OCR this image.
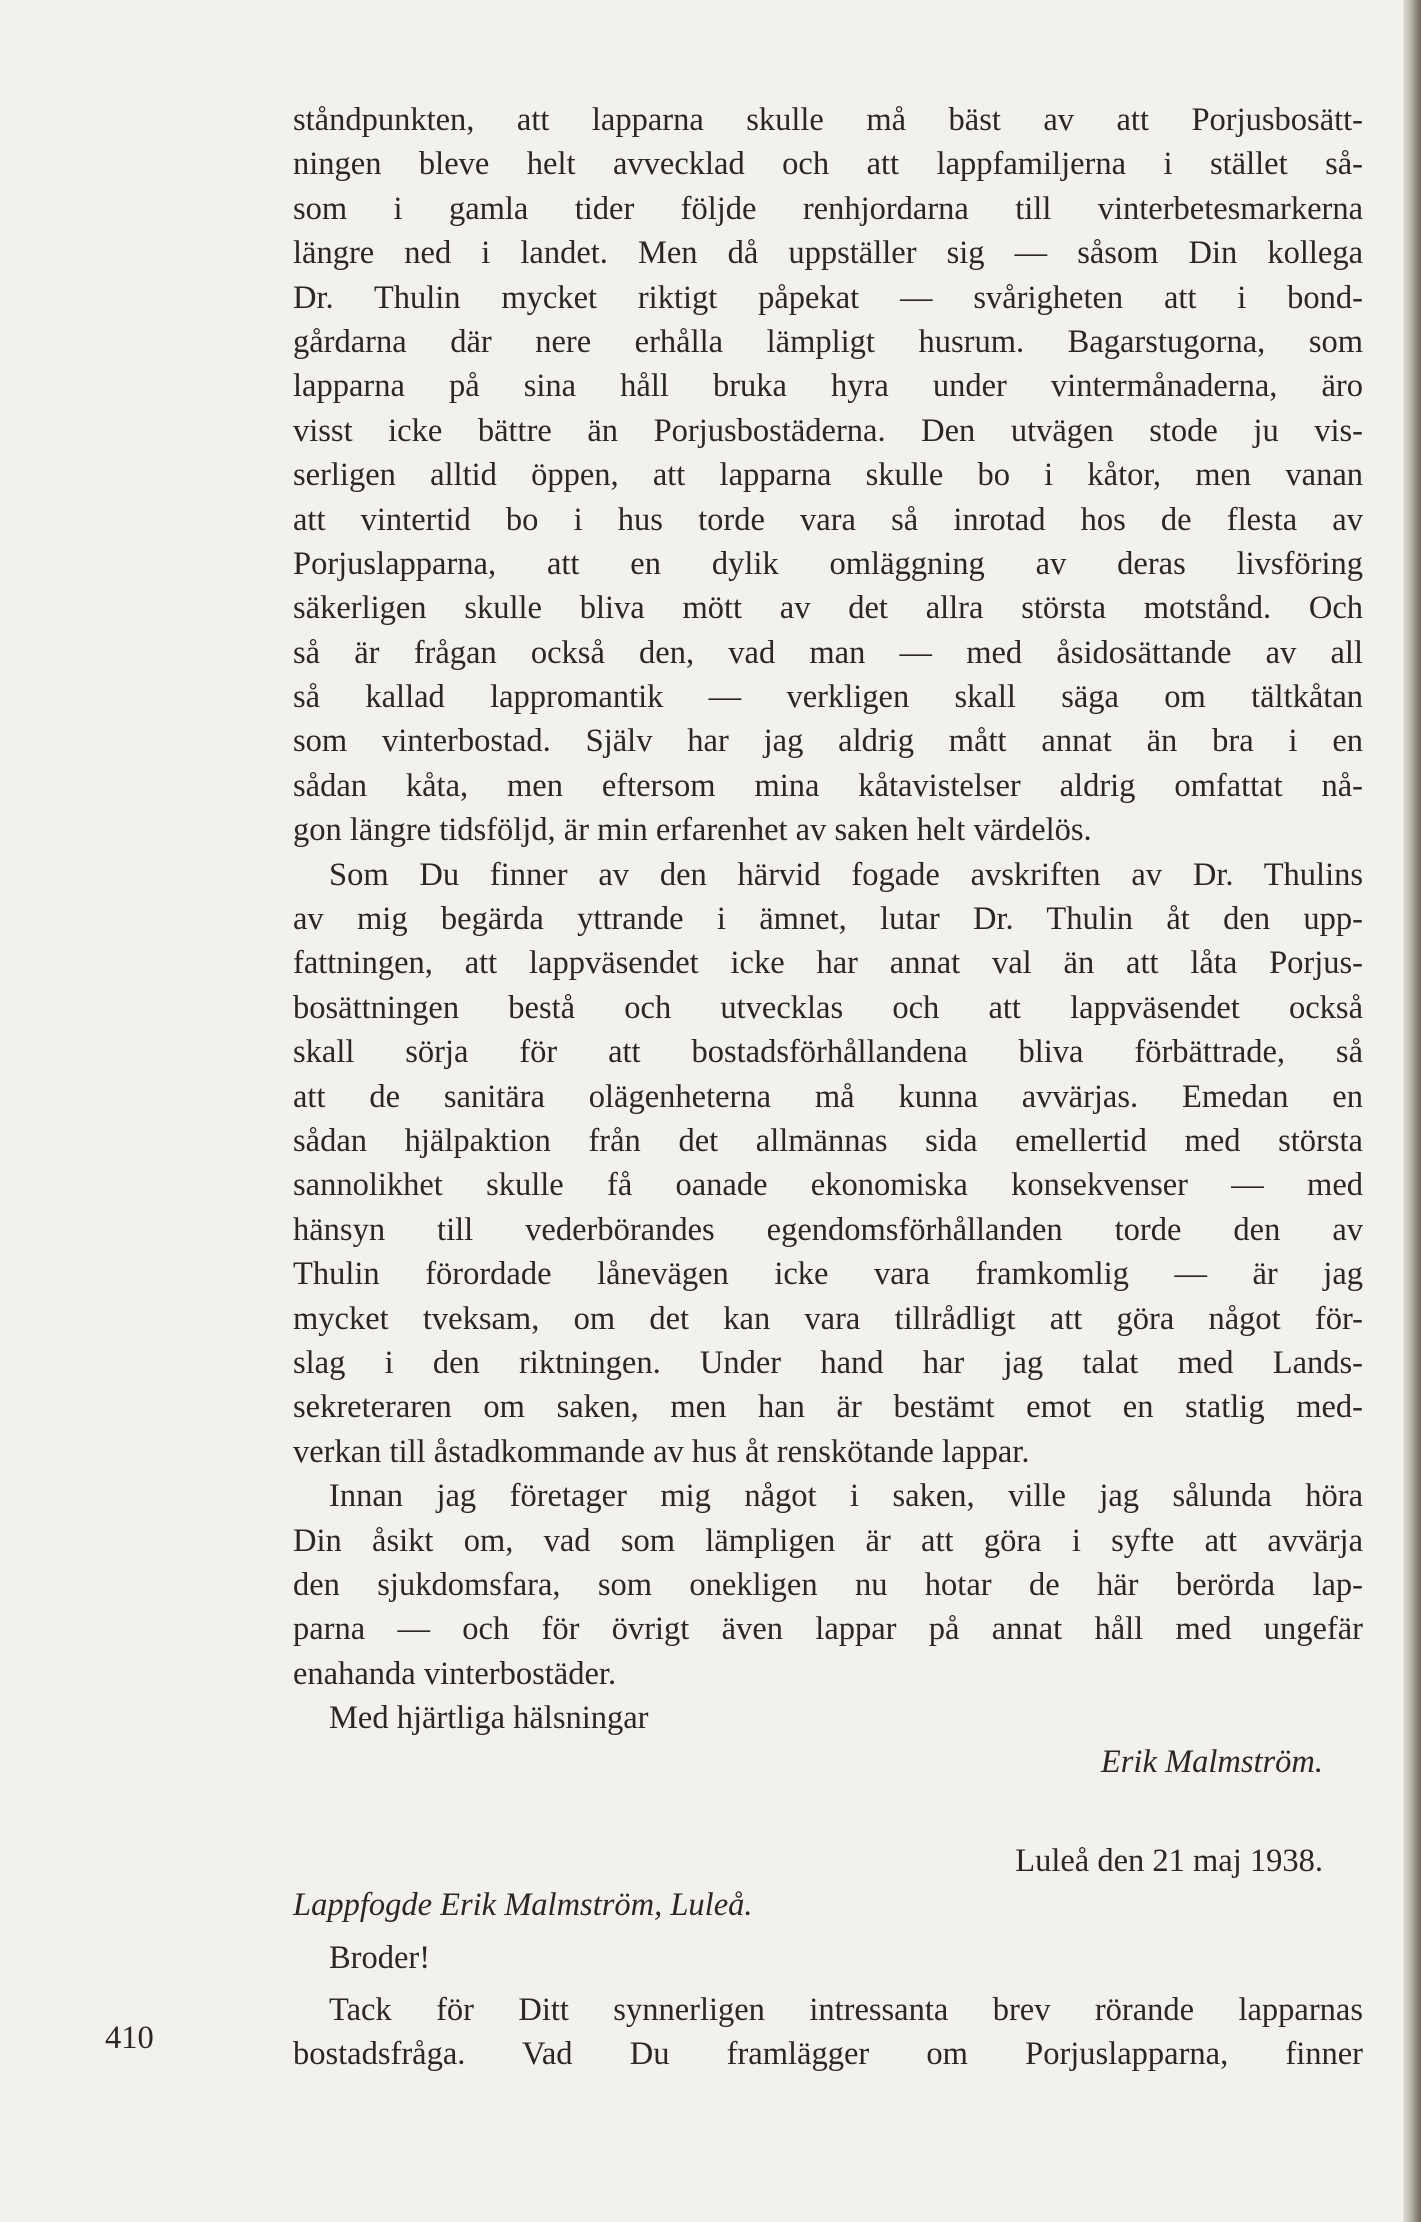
ståndpunkten, att lapparna skulle må bäst av att Porjusbosätt-
ningen bleve helt avvecklad och att lappfamiljerna i stället så-
som i gamla tider följde renhjordarna till vinterbetesmarkerna
längre ned i landet. Men då uppställer sig — såsom Din kollega
Dr. Thulin mycket riktigt påpekat — svårigheten att i bond-
gårdarna där nere erhålla lämpligt husrum. Bagarstugorna, som
lapparna på sina håll bruka hyra under vintermånaderna, äro
visst icke bättre än Porjusbostäderna. Den utvägen stode ju vis-
serligen alltid öppen, att lapparna skulle bo i kåtor, men vanan
att vintertid bo i hus torde vara så inrotad hos de flesta av
Porjuslapparna, att en dylik omläggning av deras livsföring
säkerligen skulle bliva mött av det allra största motstånd. Och
så är frågan också den, vad man — med åsidosättande av all
så kallad lappromantik — verkligen skall säga om tältkåtan
som vinterbostad. Själv har jag aldrig mått annat än bra i en
sådan kåta, men eftersom mina kåtavistelser aldrig omfattat nå-
gon längre tidsföljd, är min erfarenhet av saken helt värdelös.
Som Du finner av den härvid fogade avskriften av Dr. Thulins
av mig begärda yttrande i ämnet, lutar Dr. Thulin åt den upp-
fattningen, att lappväsendet icke har annat val än att låta Porjus-
bosättningen bestå och utvecklas och att lappväsendet också
skall sörja för att bostadsförhållandena bliva förbättrade, så
att de sanitära olägenheterna må kunna avvärjas. Emedan en
sådan hjälpaktion från det allmännas sida emellertid med största
sannolikhet skulle få oanade ekonomiska konsekvenser — med
hänsyn till vederbörandes egendomsförhållanden torde den av
Thulin förordade lånevägen icke vara framkomlig — är jag
mycket tveksam, om det kan vara tillrådligt att göra något för-
slag i den riktningen. Under hand har jag talat med Lands-
sekreteraren om saken, men han är bestämt emot en statlig med-
verkan till åstadkommande av hus åt renskötande lappar.
Innan jag företager mig något i saken, ville jag sålunda höra
Din åsikt om, vad som lämpligen är att göra i syfte att avvärja
den sjukdomsfara, som onekligen nu hotar de här berörda lap-
parna — och för övrigt även lappar på annat håll med ungefär
enahanda vinterbostäder.
Med hjärtliga hälsningar
Erik Malmström.
Luleå den 21 maj 1938.
Lappfogde Erik Malmström, Luleå.
Broder!
Tack för Ditt synnerligen intressanta brev rörande lapparnas
bostadsfråga. Vad Du framlägger om Porjuslapparna, finner
410
